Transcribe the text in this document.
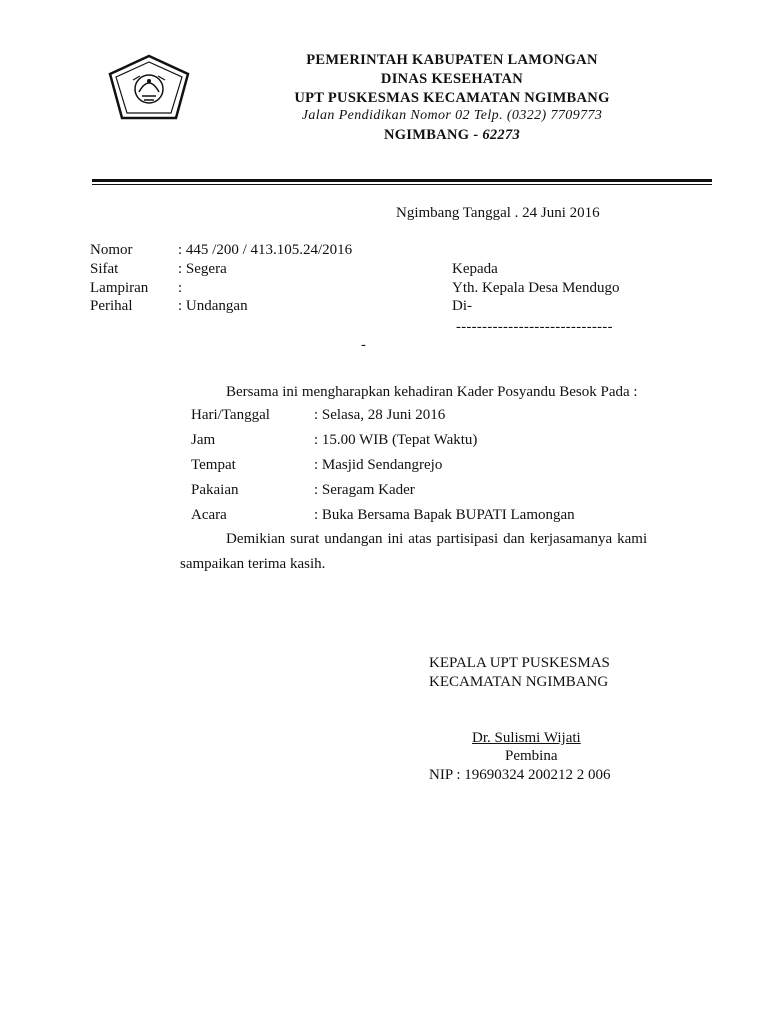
PEMERINTAH KABUPATEN LAMONGAN
DINAS KESEHATAN
UPT PUSKESMAS KECAMATAN NGIMBANG
Jalan Pendidikan Nomor 02 Telp. (0322) 7709773
NGIMBANG - 62273
Ngimbang Tanggal . 24 Juni 2016
Nomor	: 445 /200 / 413.105.24/2016
Sifat	: Segera
Lampiran :
Perihal	: Undangan
Kepada
Yth. Kepala Desa Mendugo
Di-
------------------------------
-
Bersama ini mengharapkan kehadiran Kader Posyandu Besok Pada :
Hari/Tanggal	: Selasa, 28 Juni 2016
Jam	: 15.00 WIB (Tepat Waktu)
Tempat	: Masjid Sendangrejo
Pakaian	: Seragam Kader
Acara	: Buka Bersama Bapak BUPATI Lamongan
Demikian surat undangan ini atas partisipasi dan kerjasamanya kami
sampaikan terima kasih.
KEPALA UPT PUSKESMAS
KECAMATAN NGIMBANG
Dr. Sulismi Wijati
Pembina
NIP : 19690324 200212 2 006
